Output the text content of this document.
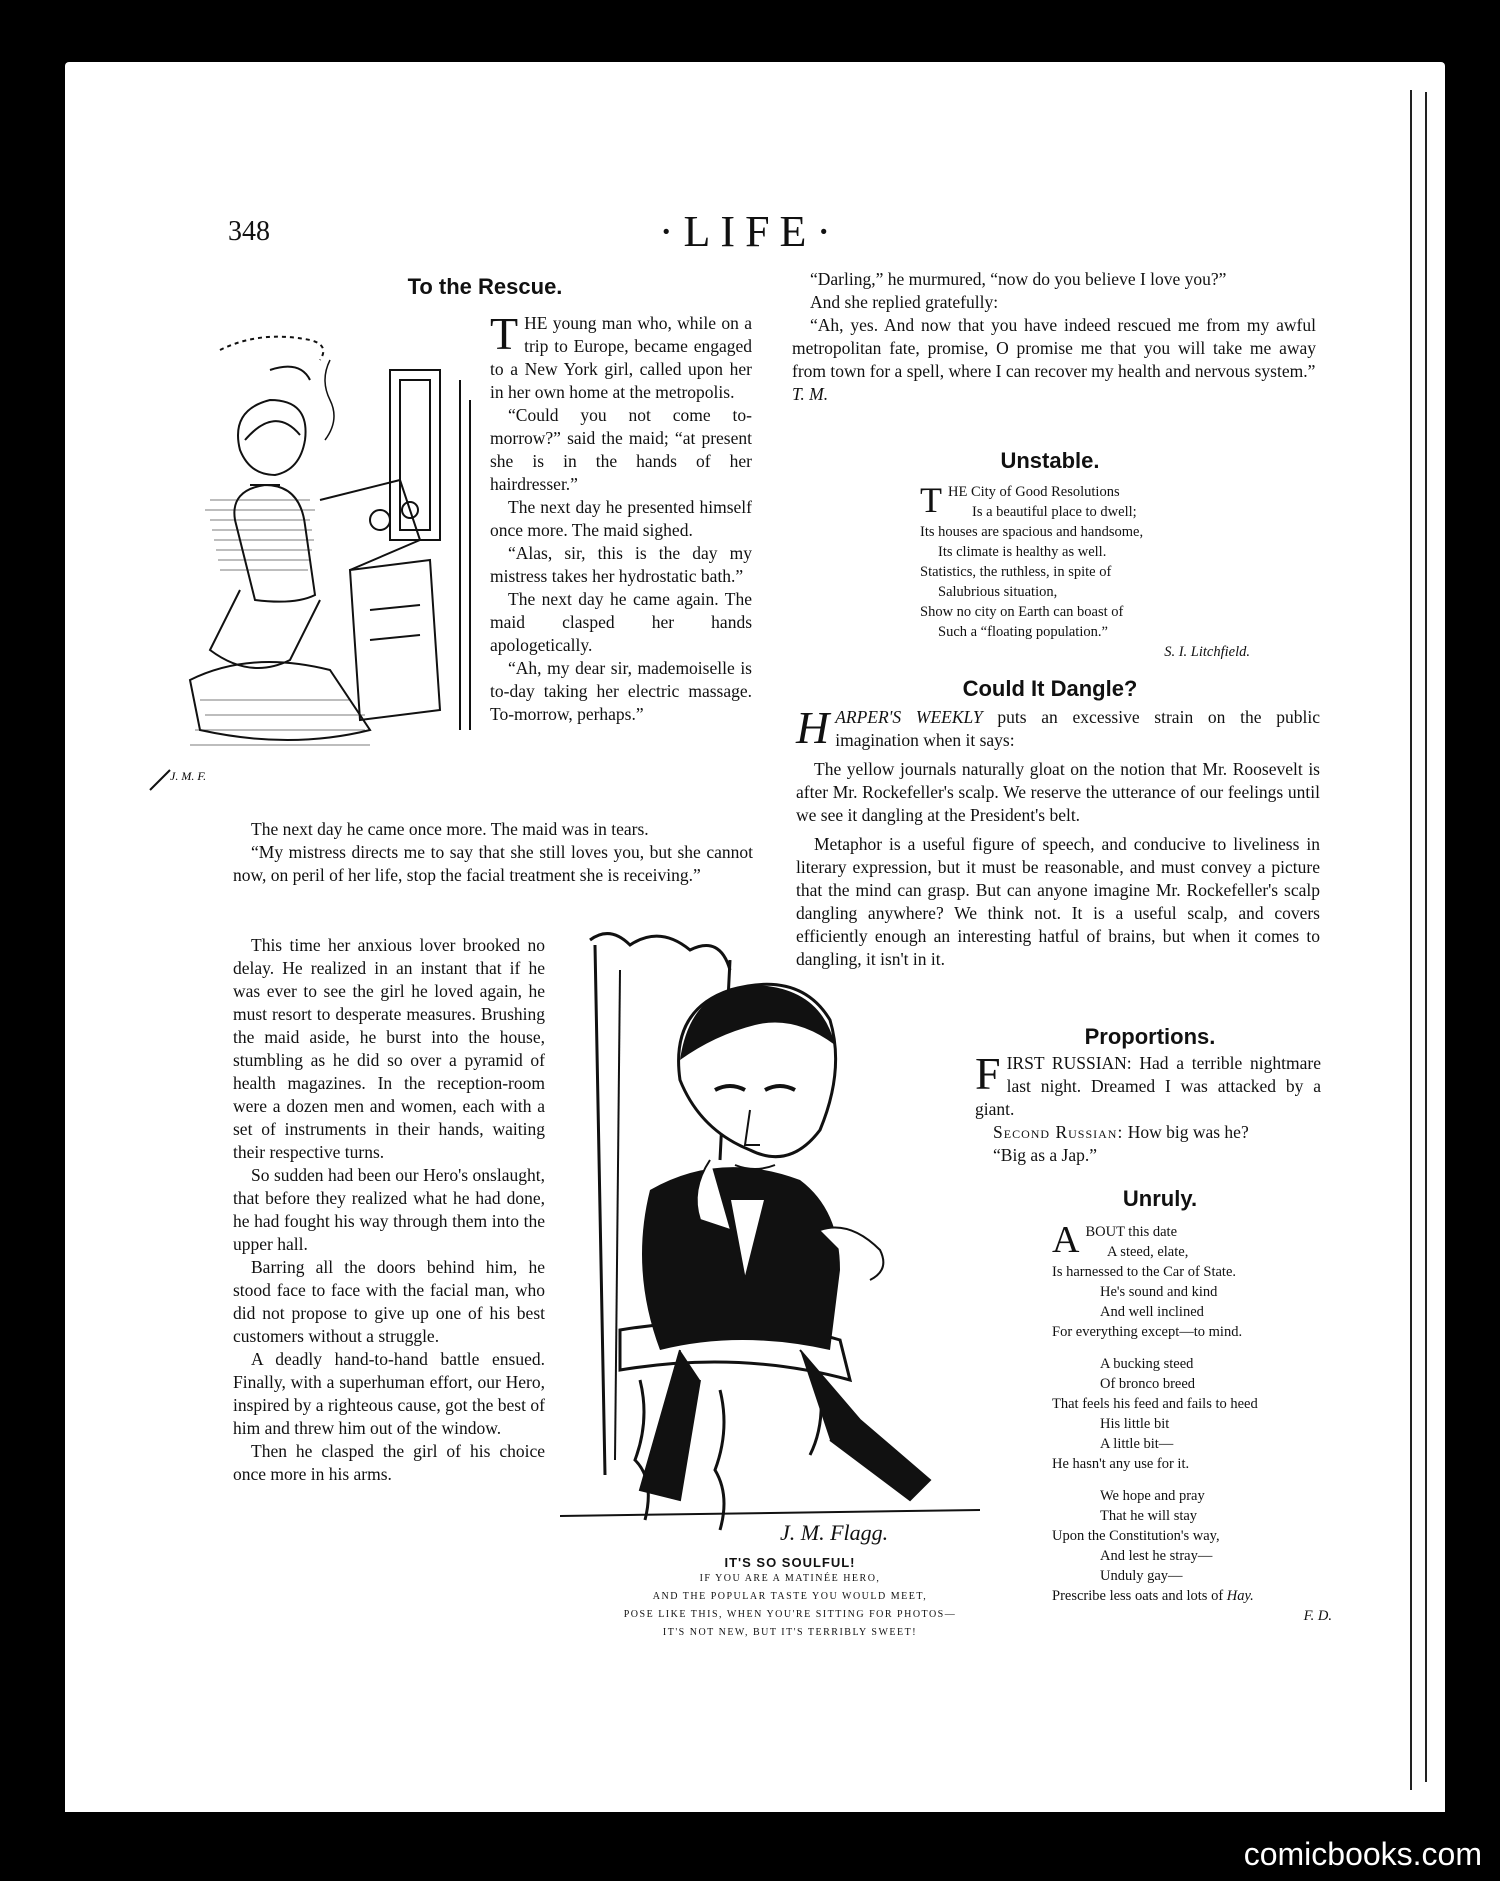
348	·LIFE·
To the Rescue.
J. M. F.

THE young man who, while on a trip to Europe, became engaged to a New York girl, called upon her in her own home at the metropolis.

“Could you not come to-morrow?” said the maid; “at present she is in the hands of her hairdresser.”

The next day he presented himself once more. The maid sighed.

“Alas, sir, this is the day my mistress takes her hydrostatic bath.”

The next day he came again. The maid clasped her hands apologetically.

“Ah, my dear sir, mademoiselle is to-day taking her electric massage. To-morrow, perhaps.”

The next day he came once more. The maid was in tears.

“My mistress directs me to say that she still loves you, but she cannot now, on peril of her life, stop the facial treatment she is receiving.”

This time her anxious lover brooked no delay. He realized in an instant that if he was ever to see the girl he loved again, he must resort to desperate measures. Brushing the maid aside, he burst into the house, stumbling as he did so over a pyramid of health magazines. In the reception-room were a dozen men and women, each with a set of instruments in their hands, waiting their respective turns.

So sudden had been our Hero's onslaught, that before they realized what he had done, he had fought his way through them into the upper hall.

Barring all the doors behind him, he stood face to face with the facial man, who did not propose to give up one of his best customers without a struggle.

A deadly hand-to-hand battle ensued. Finally, with a superhuman effort, our Hero, inspired by a righteous cause, got the best of him and threw him out of the window.

Then he clasped the girl of his choice once more in his arms.

J. M. Flagg.
IT'S SO SOULFUL!
IF YOU ARE A MATINÉE HERO,
AND THE POPULAR TASTE YOU WOULD MEET,
POSE LIKE THIS, WHEN YOU'RE SITTING FOR PHOTOS—
IT'S NOT NEW, BUT IT'S TERRIBLY SWEET!

“Darling,” he murmured, “now do you believe I love you?”

And she replied gratefully:

“Ah, yes. And now that you have indeed rescued me from my awful metropolitan fate, promise, O promise me that you will take me away from town for a spell, where I can recover my health and nervous system.”

T. M.

Unstable.
THE City of Good Resolutions
Is a beautiful place to dwell;
Its houses are spacious and handsome,
Its climate is healthy as well.
Statistics, the ruthless, in spite of
Salubrious situation,
Show no city on Earth can boast of
Such a “floating population.”
S. I. Litchfield.
Could It Dangle?

HARPER'S WEEKLY puts an excessive strain on the public imagination when it says:

The yellow journals naturally gloat on the notion that Mr. Roosevelt is after Mr. Rockefeller's scalp. We reserve the utterance of our feelings until we see it dangling at the President's belt.

Metaphor is a useful figure of speech, and conducive to liveliness in literary expression, but it must be reasonable, and must convey a picture that the mind can grasp. But can anyone imagine Mr. Rockefeller's scalp dangling anywhere? We think not. It is a useful scalp, and covers efficiently enough an interesting hatful of brains, but when it comes to dangling, it isn't in it.

Proportions.

FIRST RUSSIAN: Had a terrible nightmare last night. Dreamed I was attacked by a giant.

Second Russian: How big was he?

“Big as a Jap.”

Unruly.
ABOUT this date
A steed, elate,
Is harnessed to the Car of State.
He's sound and kind
And well inclined
For everything except—to mind.
A bucking steed
Of bronco breed
That feels his feed and fails to heed
His little bit
A little bit—
He hasn't any use for it.
We hope and pray
That he will stay
Upon the Constitution's way,
And lest he stray—
Unduly gay—
Prescribe less oats and lots of Hay.
F. D.
comicbooks.com
